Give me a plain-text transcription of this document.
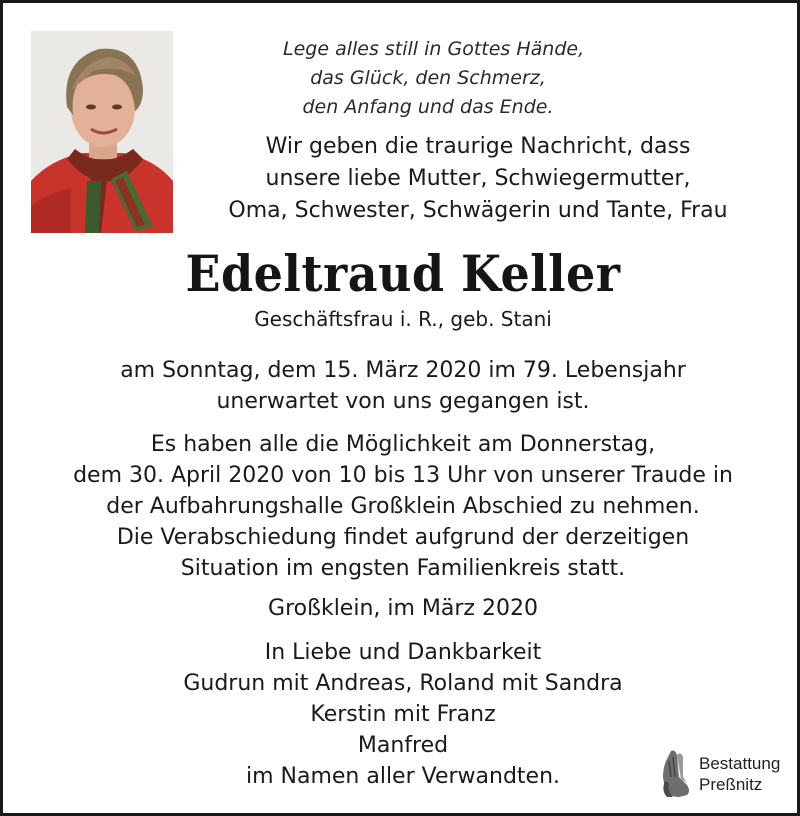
Lege alles still in Gottes Hände,
das Glück, den Schmerz,
den Anfang und das Ende.
Wir geben die traurige Nachricht, dass
unsere liebe Mutter, Schwiegermutter,
Oma, Schwester, Schwägerin und Tante, Frau
Edeltraud Keller
Geschäftsfrau i. R., geb. Stani
am Sonntag, dem 15. März 2020 im 79. Lebensjahr
unerwartet von uns gegangen ist.
Es haben alle die Möglichkeit am Donnerstag,
dem 30. April 2020 von 10 bis 13 Uhr von unserer Traude in
der Aufbahrungshalle Großklein Abschied zu nehmen.
Die Verabschiedung findet aufgrund der derzeitigen
Situation im engsten Familienkreis statt.
Großklein, im März 2020
In Liebe und Dankbarkeit
Gudrun mit Andreas, Roland mit Sandra
Kerstin mit Franz
Manfred
im Namen aller Verwandten.
Bestattung
Preßnitz
